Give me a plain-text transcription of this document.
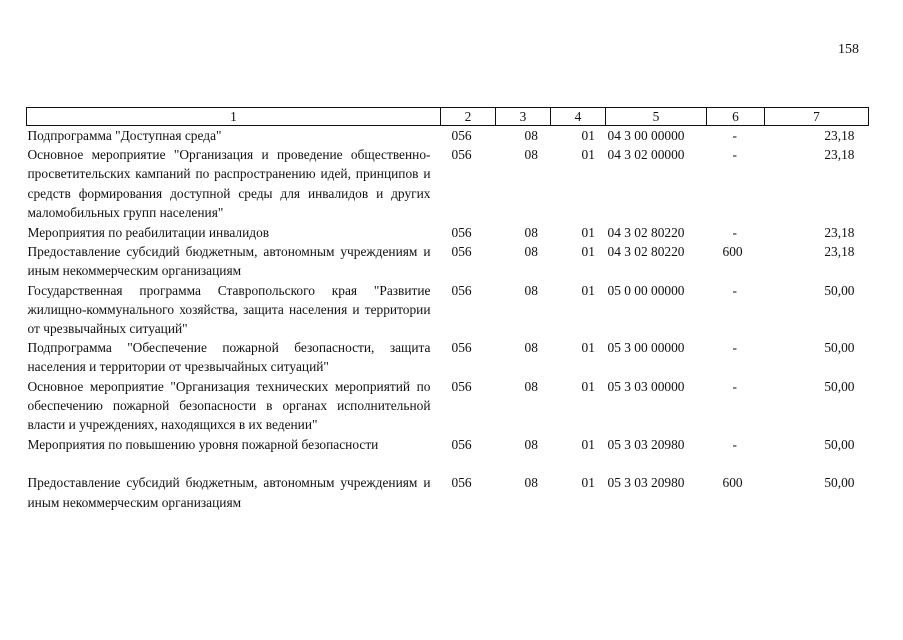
158
1	2	3	4	5	6	7
Подпрограмма "Доступная среда"	056	08	01	04 3 00 00000	-	23,18
Основное мероприятие "Организация и проведение общественно-просветительских кампаний по распространению идей, принципов и средств формирования доступной среды для инвалидов и других маломобильных групп населения"	056	08	01	04 3 02 00000	-	23,18
Мероприятия по реабилитации инвалидов	056	08	01	04 3 02 80220	-	23,18
Предоставление субсидий бюджетным, автономным учреждениям и иным некоммерческим организациям	056	08	01	04 3 02 80220	600	23,18
Государственная программа Ставропольского края "Развитие жилищно-коммунального хозяйства, защита населения и территории от чрезвычайных ситуаций"	056	08	01	05 0 00 00000	-	50,00
Подпрограмма "Обеспечение пожарной безопасности, защита населения и территории от чрезвычайных ситуаций"	056	08	01	05 3 00 00000	-	50,00
Основное мероприятие "Организация технических мероприятий по обеспечению пожарной безопасности в органах исполнительной власти и учреждениях, находящихся в их ведении"	056	08	01	05 3 03 00000	-	50,00
Мероприятия по повышению уровня пожарной безопасности	056	08	01	05 3 03 20980	-	50,00
Предоставление субсидий бюджетным, автономным учреждениям и иным некоммерческим организациям	056	08	01	05 3 03 20980	600	50,00
